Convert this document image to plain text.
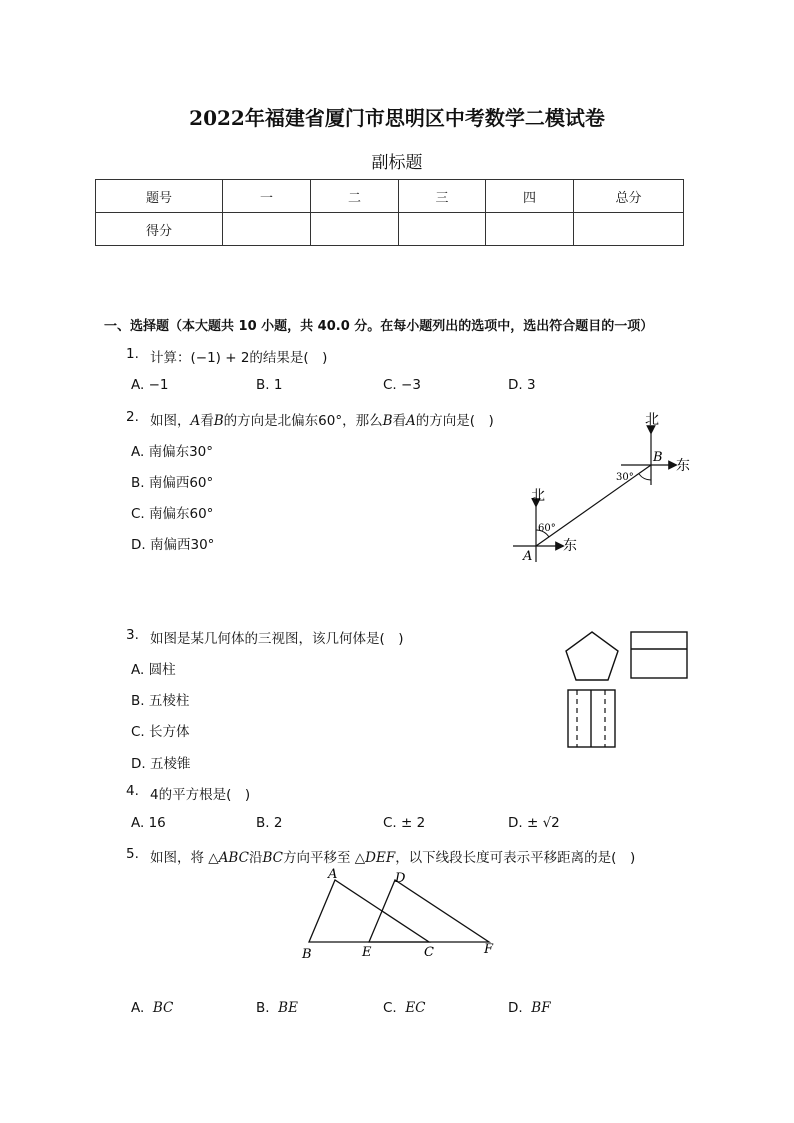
2022年福建省厦门市思明区中考数学二模试卷
副标题
题号	一	二	三	四	总分
得分					
一、选择题（本大题共 10 小题，共 40.0 分。在每小题列出的选项中，选出符合题目的一项）
1. 计算：(−1) + 2的结果是(　)
A. −1	B. 1	C. −3	D. 3
2. 如图，A看B的方向是北偏东60°，那么B看A的方向是(　)
A. 南偏东30°
B. 南偏西60°
C. 南偏东60°
D. 南偏西30°
北
东
北
东
30°
60°
A
B
3. 如图是某几何体的三视图，该几何体是(　)
A. 圆柱
B. 五棱柱
C. 长方体
D. 五棱锥
4. 4的平方根是(　)
A. 16	B. 2	C. ± 2	D. ± √2
5. 如图，将 △ABC沿BC方向平移至 △DEF，以下线段长度可表示平移距离的是(　)
A
B	C
D
E	F
A. BC	B. BE	C. EC	D. BF
